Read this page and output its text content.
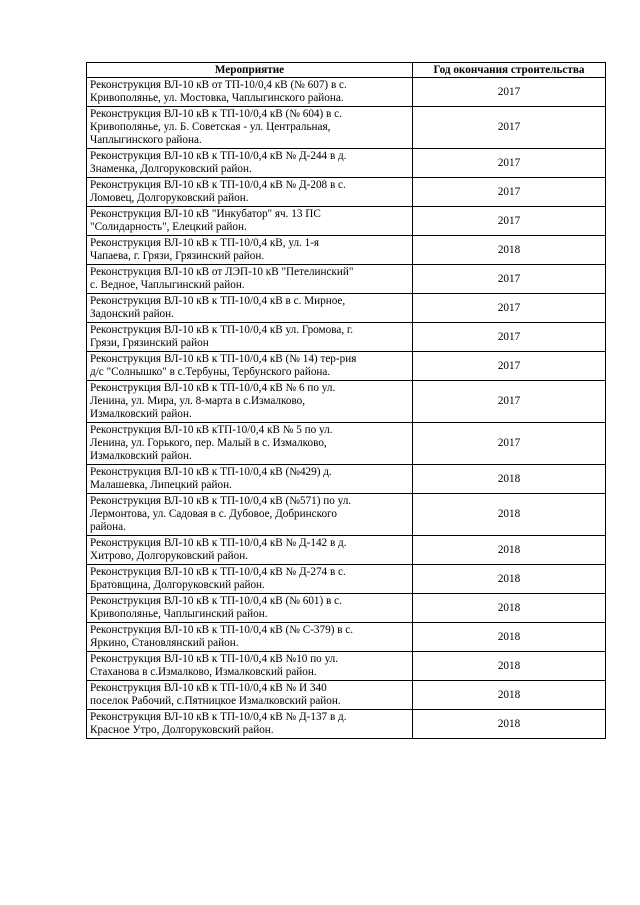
Мероприятие	Год окончания строительства

Реконструкция ВЛ-10 кВ от ТП-10/0,4 кВ (№ 607) в с.
Кривополянье, ул. Мостовка, Чаплыгинского района.	2017

Реконструкция ВЛ-10 кВ к ТП-10/0,4 кВ (№ 604) в с.
Кривополянье, ул. Б. Советская - ул. Центральная,
Чаплыгинского района.	2017

Реконструкция ВЛ-10 кВ к ТП-10/0,4 кВ № Д-244 в д.
Знаменка, Долгоруковский район.	2017

Реконструкция ВЛ-10 кВ к ТП-10/0,4 кВ № Д-208 в с.
Ломовец, Долгоруковский район.	2017

Реконструкция ВЛ-10 кВ "Инкубатор" яч. 13 ПС
"Солидарность", Елецкий район.	2017

Реконструкция ВЛ-10 кВ к ТП-10/0,4 кВ, ул. 1-я
Чапаева, г. Грязи, Грязинский район.	2018

Реконструкция ВЛ-10 кВ от ЛЭП-10 кВ "Петелинский"
с. Ведное, Чаплыгинский район.	2017

Реконструкция ВЛ-10 кВ к ТП-10/0,4 кВ в с. Мирное,
Задонский район.	2017

Реконструкция ВЛ-10 кВ к ТП-10/0,4 кВ ул. Громова, г.
Грязи, Грязинский район	2017

Реконструкция ВЛ-10 кВ к ТП-10/0,4 кВ (№ 14) тер-рия
д/с "Солнышко" в с.Тербуны, Тербунского района.	2017

Реконструкция ВЛ-10 кВ к ТП-10/0,4 кВ № 6 по ул.
Ленина, ул. Мира, ул. 8-марта в с.Измалково,
Измалковский район.	2017

Реконструкция ВЛ-10 кВ кТП-10/0,4 кВ № 5 по ул.
Ленина, ул. Горького, пер. Малый в с. Измалково,
Измалковский район.	2017

Реконструкция ВЛ-10 кВ к ТП-10/0,4 кВ (№429) д.
Малашевка, Липецкий район.	2018

Реконструкция ВЛ-10 кВ к ТП-10/0,4 кВ (№571) по ул.
Лермонтова, ул. Садовая в с. Дубовое, Добринского
района.	2018

Реконструкция ВЛ-10 кВ к ТП-10/0,4 кВ № Д-142 в д.
Хитрово, Долгоруковский район.	2018

Реконструкция ВЛ-10 кВ к ТП-10/0,4 кВ № Д-274 в с.
Братовщина, Долгоруковский район.	2018

Реконструкция ВЛ-10 кВ к ТП-10/0,4 кВ (№ 601) в с.
Кривополянье, Чаплыгинский район.	2018

Реконструкция ВЛ-10 кВ к ТП-10/0,4 кВ (№ С-379) в с.
Яркино, Становлянский район.	2018

Реконструкция ВЛ-10 кВ к ТП-10/0,4 кВ №10 по ул.
Стаханова в с.Измалково, Измалковский район.	2018

Реконструкция ВЛ-10 кВ к ТП-10/0,4 кВ № И 340
поселок Рабочий, с.Пятницкое Измалковский район.	2018

Реконструкция ВЛ-10 кВ к ТП-10/0,4 кВ № Д-137 в д.
Красное Утро, Долгоруковский район.	2018
